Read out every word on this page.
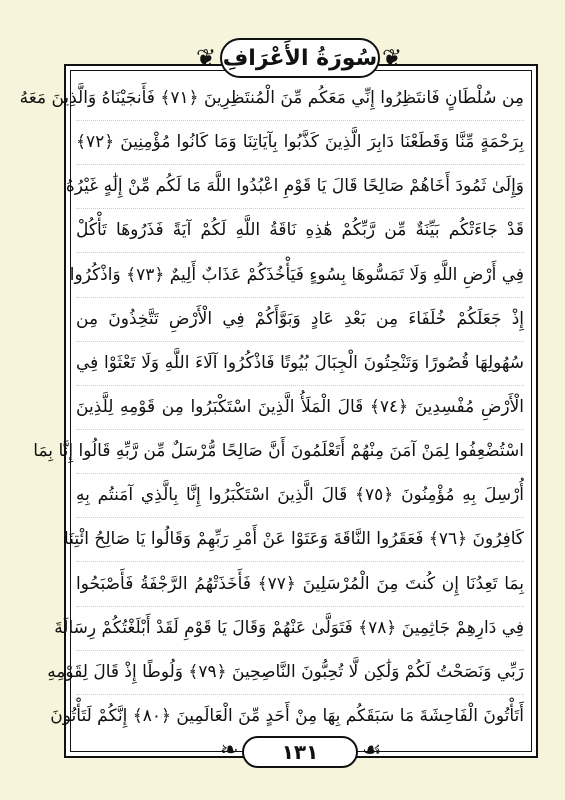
❦ سُورَةُ الأَعْرَافِ ❦
مِن سُلْطَانٍ فَانتَظِرُوا إِنِّي مَعَكُم مِّنَ الْمُنتَظِرِينَ ﴿٧١﴾ فَأَنجَيْنَاهُ وَالَّذِينَ مَعَهُ
بِرَحْمَةٍ مِّنَّا وَقَطَعْنَا دَابِرَ الَّذِينَ كَذَّبُوا بِآيَاتِنَا وَمَا كَانُوا مُؤْمِنِينَ ﴿٧٢﴾
وَإِلَىٰ ثَمُودَ أَخَاهُمْ صَالِحًا قَالَ يَا قَوْمِ اعْبُدُوا اللَّهَ مَا لَكُم مِّنْ إِلَٰهٍ غَيْرُهُ
قَدْ جَاءَتْكُم بَيِّنَةٌ مِّن رَّبِّكُمْ هَٰذِهِ نَاقَةُ اللَّهِ لَكُمْ آيَةً فَذَرُوهَا تَأْكُلْ
فِي أَرْضِ اللَّهِ وَلَا تَمَسُّوهَا بِسُوءٍ فَيَأْخُذَكُمْ عَذَابٌ أَلِيمٌ ﴿٧٣﴾ وَاذْكُرُوا
إِذْ جَعَلَكُمْ خُلَفَاءَ مِن بَعْدِ عَادٍ وَبَوَّأَكُمْ فِي الْأَرْضِ تَتَّخِذُونَ مِن
سُهُولِهَا قُصُورًا وَتَنْحِتُونَ الْجِبَالَ بُيُوتًا فَاذْكُرُوا آلَاءَ اللَّهِ وَلَا تَعْثَوْا فِي
الْأَرْضِ مُفْسِدِينَ ﴿٧٤﴾ قَالَ الْمَلَأُ الَّذِينَ اسْتَكْبَرُوا مِن قَوْمِهِ لِلَّذِينَ
اسْتُضْعِفُوا لِمَنْ آمَنَ مِنْهُمْ أَتَعْلَمُونَ أَنَّ صَالِحًا مُّرْسَلٌ مِّن رَّبِّهِ قَالُوا إِنَّا بِمَا
أُرْسِلَ بِهِ مُؤْمِنُونَ ﴿٧٥﴾ قَالَ الَّذِينَ اسْتَكْبَرُوا إِنَّا بِالَّذِي آمَنتُم بِهِ
كَافِرُونَ ﴿٧٦﴾ فَعَقَرُوا النَّاقَةَ وَعَتَوْا عَنْ أَمْرِ رَبِّهِمْ وَقَالُوا يَا صَالِحُ ائْتِنَا
بِمَا تَعِدُنَا إِن كُنتَ مِنَ الْمُرْسَلِينَ ﴿٧٧﴾ فَأَخَذَتْهُمُ الرَّجْفَةُ فَأَصْبَحُوا
فِي دَارِهِمْ جَاثِمِينَ ﴿٧٨﴾ فَتَوَلَّىٰ عَنْهُمْ وَقَالَ يَا قَوْمِ لَقَدْ أَبْلَغْتُكُمْ رِسَالَةَ
رَبِّي وَنَصَحْتُ لَكُمْ وَلَٰكِن لَّا تُحِبُّونَ النَّاصِحِينَ ﴿٧٩﴾ وَلُوطًا إِذْ قَالَ لِقَوْمِهِ
أَتَأْتُونَ الْفَاحِشَةَ مَا سَبَقَكُم بِهَا مِنْ أَحَدٍ مِّنَ الْعَالَمِينَ ﴿٨٠﴾ إِنَّكُمْ لَتَأْتُونَ
❧ ١٣١ ☙
